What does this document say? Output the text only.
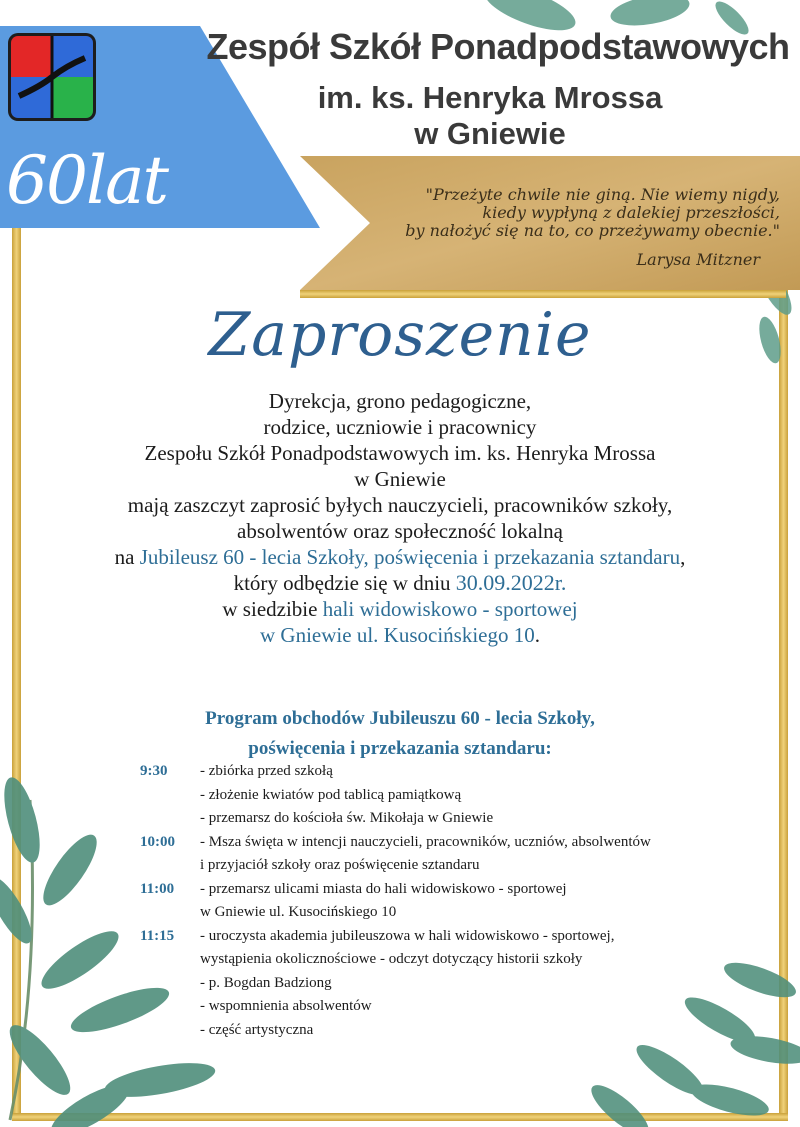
Zespół Szkół Ponadpodstawowych
im. ks. Henryka Mrossa
w Gniewie
60lat	"Przeżyte chwile nie giną. Nie wiemy nigdy,
kiedy wypłyną z dalekiej przeszłości,
by nałożyć się na to, co przeżywamy obecnie."
Larysa Mitzner
Zaproszenie
Dyrekcja, grono pedagogiczne,
rodzice, uczniowie i pracownicy
Zespołu Szkół Ponadpodstawowych im. ks. Henryka Mrossa
w Gniewie
mają zaszczyt zaprosić byłych nauczycieli, pracowników szkoły,
absolwentów oraz społeczność lokalną
na Jubileusz 60 - lecia Szkoły, poświęcenia i przekazania sztandaru,
który odbędzie się w dniu 30.09.2022r.
w siedzibie hali widowiskowo - sportowej
w Gniewie ul. Kusocińskiego 10.
Program obchodów Jubileuszu 60 - lecia Szkoły,
poświęcenia i przekazania sztandaru:
9:30	- zbiórka przed szkołą
- złożenie kwiatów pod tablicą pamiątkową
- przemarsz do kościoła św. Mikołaja w Gniewie
10:00	- Msza święta w intencji nauczycieli, pracowników, uczniów, absolwentów
i przyjaciół szkoły oraz poświęcenie sztandaru
11:00	- przemarsz ulicami miasta do hali widowiskowo - sportowej
w Gniewie ul. Kusocińskiego 10
11:15	- uroczysta akademia jubileuszowa w hali widowiskowo - sportowej,
wystąpienia okolicznościowe - odczyt dotyczący historii szkoły
- p. Bogdan Badziong
- wspomnienia absolwentów
- część artystyczna
